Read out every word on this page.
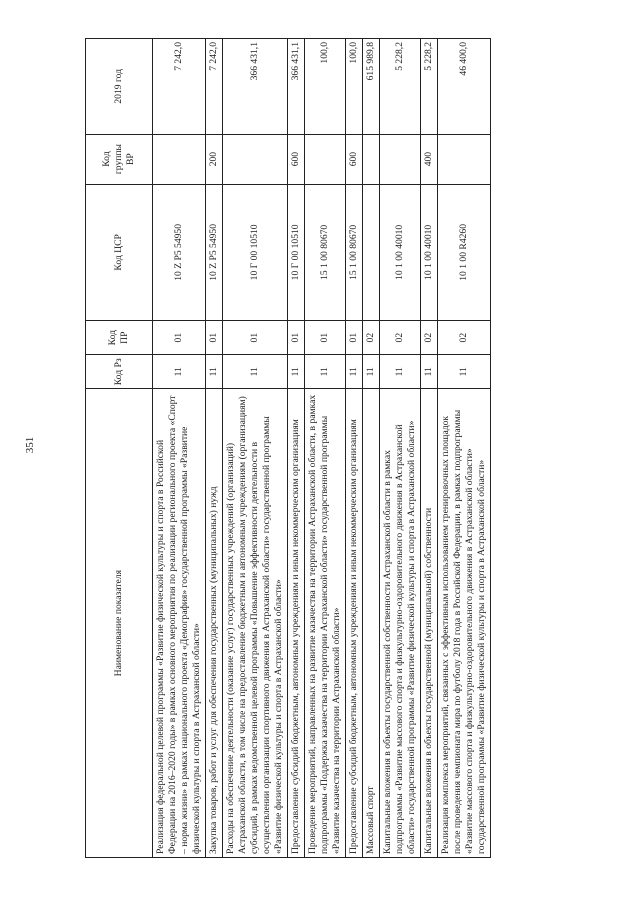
351
Наименование показателя	Код Рз	Код ПР	Код ЦСР	Код группы ВР	2019 год
Реализация федеральной целевой программы «Развитие физической культуры и спорта в Российской Федерации на 2016–2020 годы» в рамках основного мероприятия по реализации регионального проекта «Спорт – норма жизни» в рамках национального проекта «Демография» государственной программы «Развитие физической культуры и спорта в Астраханской области»	11	01	10 Z P5 54950		7 242,0
Закупка товаров, работ и услуг для обеспечения государственных (муниципальных) нужд	11	01	10 Z P5 54950	200	7 242,0
Расходы на обеспечение деятельности (оказание услуг) государственных учреждений (организаций) Астраханской области, в том числе на предоставление бюджетным и автономным учреждениям (организациям) субсидий, в рамках ведомственной целевой программы «Повышение эффективности деятельности в осуществлении организации спортивного движения в Астраханской области» государственной программы «Развитие физической культуры и спорта в Астраханской области»	11	01	10 Г 00 10510		366 431,1
Предоставление субсидий бюджетным, автономным учреждениям и иным некоммерческим организациям	11	01	10 Г 00 10510	600	366 431,1
Проведение мероприятий, направленных на развитие казачества на территории Астраханской области, в рамках подпрограммы «Поддержка казачества на территории Астраханской области» государственной программы «Развитие казачества на территории Астраханской области»	11	01	15 1 00 80670		100,0
Предоставление субсидий бюджетным, автономным учреждениям и иным некоммерческим организациям	11	01	15 1 00 80670	600	100,0
Массовый спорт	11	02			615 989,8
Капитальные вложения в объекты государственной собственности Астраханской области в рамках подпрограммы «Развитие массового спорта и физкультурно-оздоровительного движения в Астраханской области» государственной программы «Развитие физической культуры и спорта в Астраханской области»	11	02	10 1 00 40010		5 228,2
Капитальные вложения в объекты государственной (муниципальной) собственности	11	02	10 1 00 40010	400	5 228,2
Реализация комплекса мероприятий, связанных с эффективным использованием тренировочных площадок после проведения чемпионата мира по футболу 2018 года в Российской Федерации, в рамках подпрограммы «Развитие массового спорта и физкультурно-оздоровительного движения в Астраханской области» государственной программы «Развитие физической культуры и спорта в Астраханской области»	11	02	10 1 00 R4260		46 400,0
